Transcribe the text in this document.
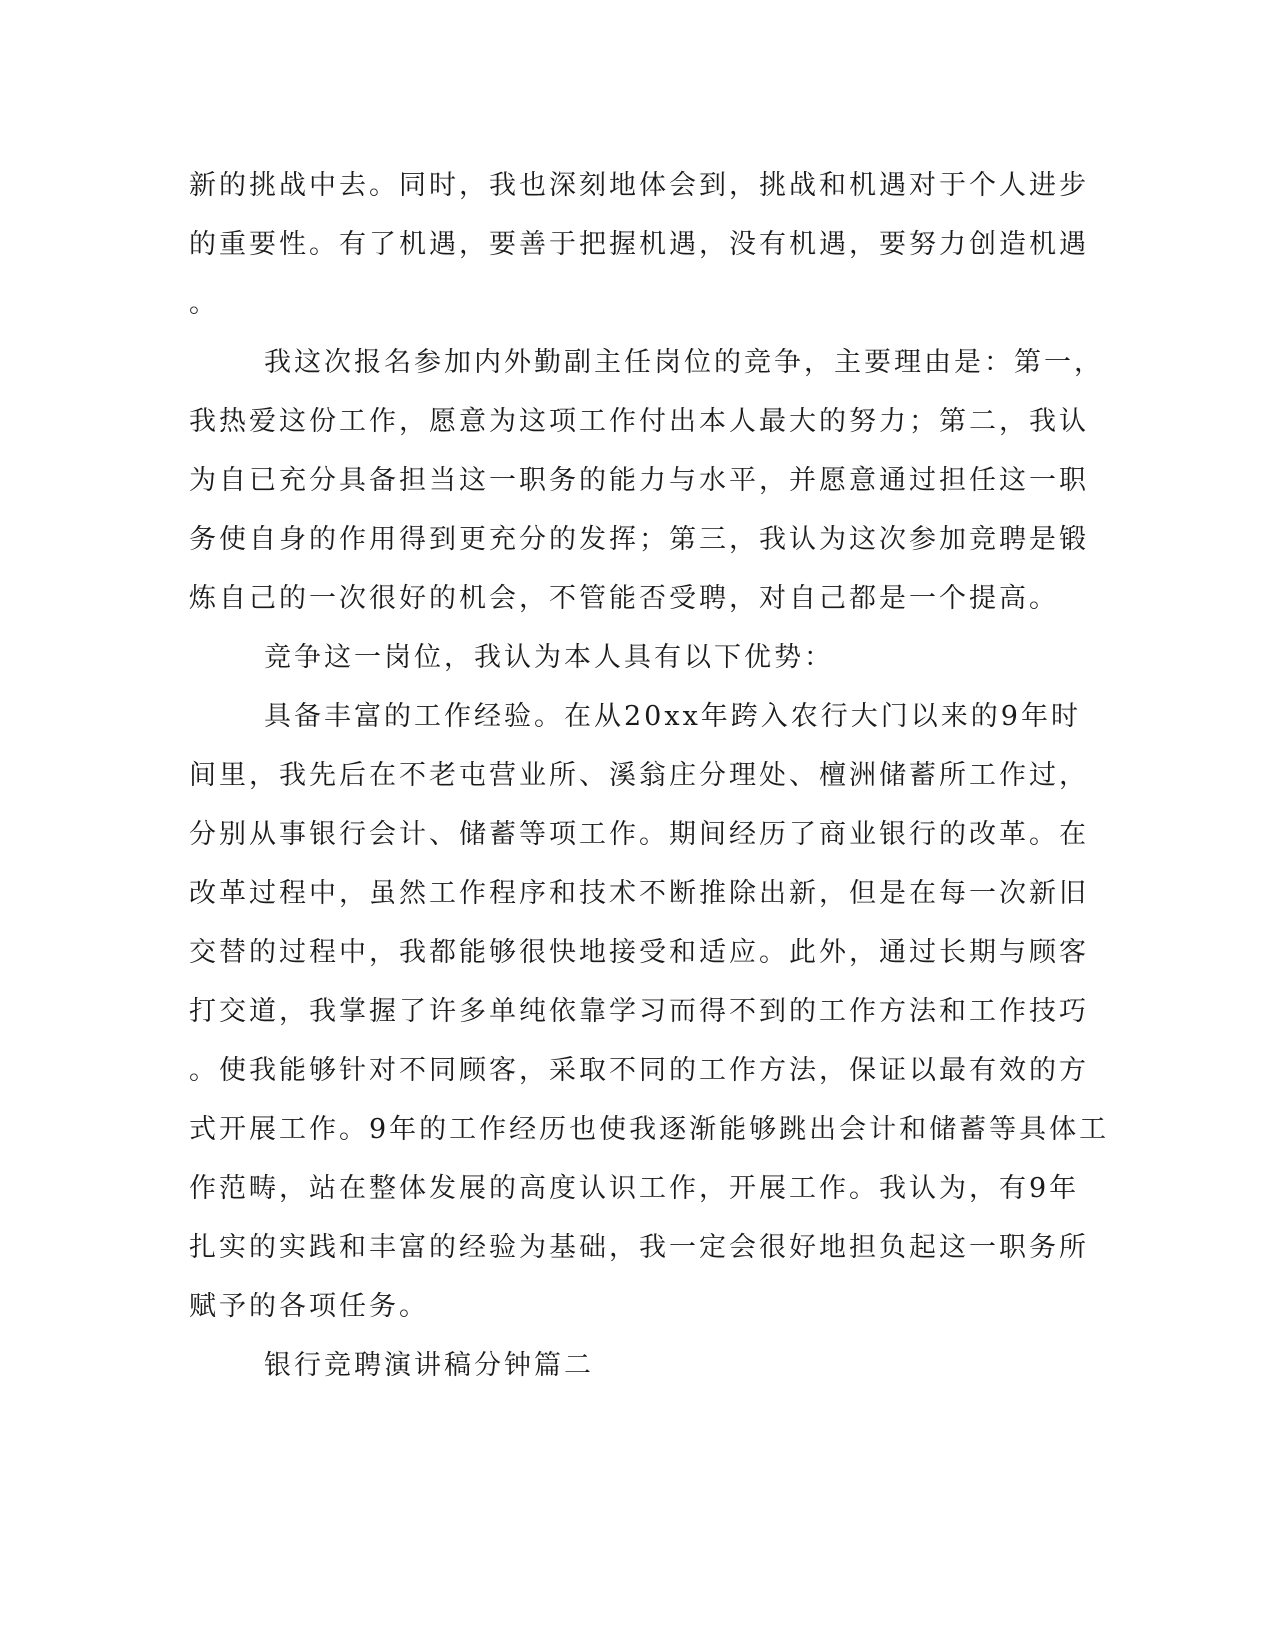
新的挑战中去。同时，我也深刻地体会到，挑战和机遇对于个人进步
的重要性。有了机遇，要善于把握机遇，没有机遇，要努力创造机遇
。
我这次报名参加内外勤副主任岗位的竞争，主要理由是：第一，
我热爱这份工作，愿意为这项工作付出本人最大的努力；第二，我认
为自已充分具备担当这一职务的能力与水平，并愿意通过担任这一职
务使自身的作用得到更充分的发挥；第三，我认为这次参加竞聘是锻
炼自己的一次很好的机会，不管能否受聘，对自己都是一个提高。
竞争这一岗位，我认为本人具有以下优势：
具备丰富的工作经验。在从20xx年跨入农行大门以来的9年时
间里，我先后在不老屯营业所、溪翁庄分理处、檀洲储蓄所工作过，
分别从事银行会计、储蓄等项工作。期间经历了商业银行的改革。在
改革过程中，虽然工作程序和技术不断推除出新，但是在每一次新旧
交替的过程中，我都能够很快地接受和适应。此外，通过长期与顾客
打交道，我掌握了许多单纯依靠学习而得不到的工作方法和工作技巧
。使我能够针对不同顾客，采取不同的工作方法，保证以最有效的方
式开展工作。9年的工作经历也使我逐渐能够跳出会计和储蓄等具体工
作范畴，站在整体发展的高度认识工作，开展工作。我认为，有9年
扎实的实践和丰富的经验为基础，我一定会很好地担负起这一职务所
赋予的各项任务。
银行竞聘演讲稿分钟篇二
